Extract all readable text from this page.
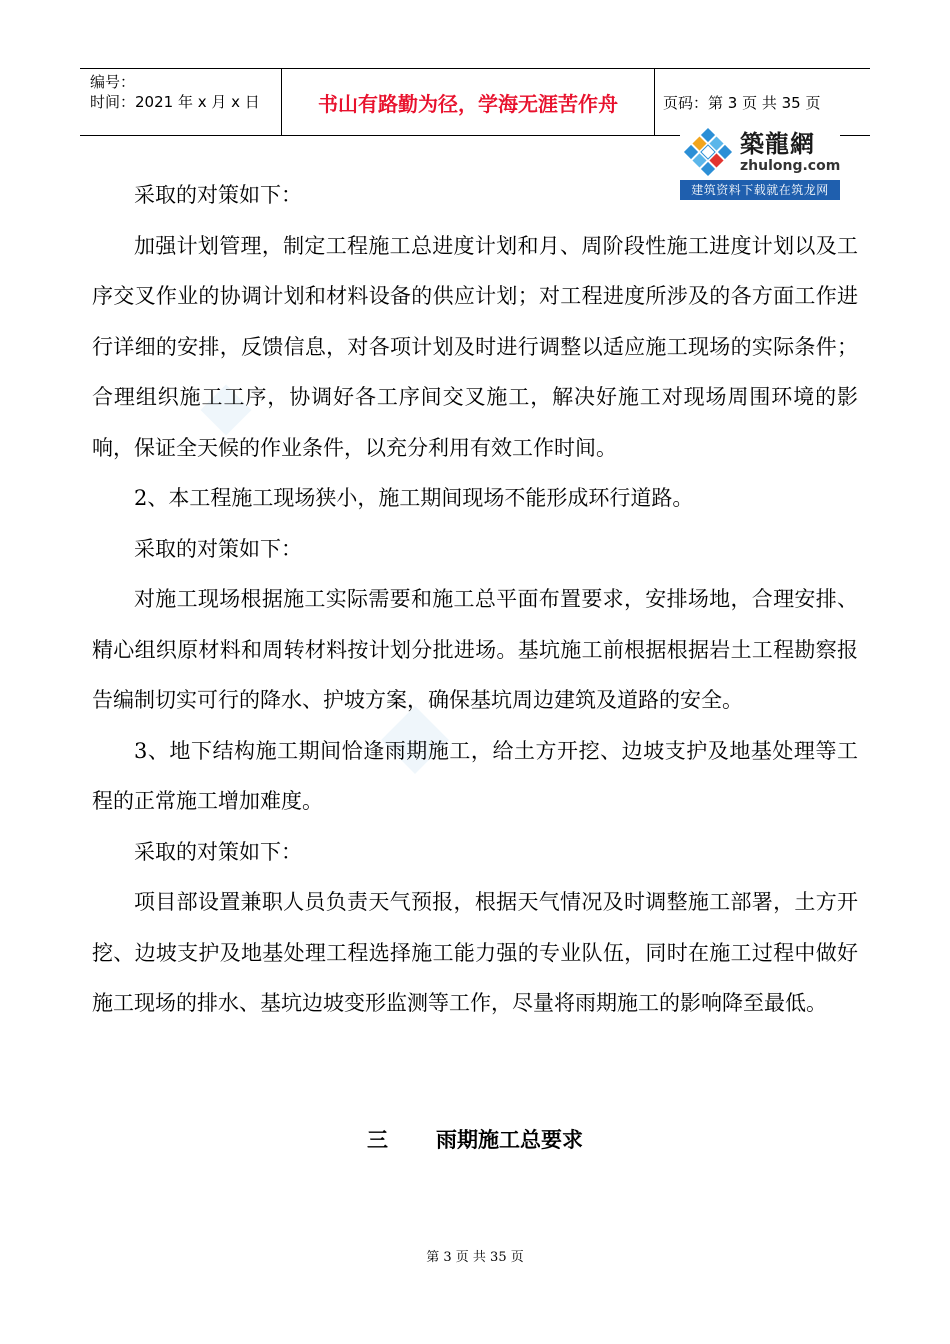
编号：
时间：2021 年 x 月 x 日	书山有路勤为径，学海无涯苦作舟	页码：第 3 页 共 35 页
築龍網
zhulong.com
建筑资料下载就在筑龙网

采取的对策如下：

加强计划管理，制定工程施工总进度计划和月、周阶段性施工进度计划以及工序交叉作业的协调计划和材料设备的供应计划；对工程进度所涉及的各方面工作进行详细的安排，反馈信息，对各项计划及时进行调整以适应施工现场的实际条件；合理组织施工工序，协调好各工序间交叉施工，解决好施工对现场周围环境的影响，保证全天候的作业条件，以充分利用有效工作时间。

2、本工程施工现场狭小，施工期间现场不能形成环行道路。

采取的对策如下：

对施工现场根据施工实际需要和施工总平面布置要求，安排场地，合理安排、精心组织原材料和周转材料按计划分批进场。基坑施工前根据根据岩土工程勘察报告编制切实可行的降水、护坡方案，确保基坑周边建筑及道路的安全。

3、地下结构施工期间恰逢雨期施工，给土方开挖、边坡支护及地基处理等工程的正常施工增加难度。

采取的对策如下：

项目部设置兼职人员负责天气预报，根据天气情况及时调整施工部署，土方开挖、边坡支护及地基处理工程选择施工能力强的专业队伍，同时在施工过程中做好施工现场的排水、基坑边坡变形监测等工作，尽量将雨期施工的影响降至最低。

三 雨期施工总要求
第 3 页 共 35 页
